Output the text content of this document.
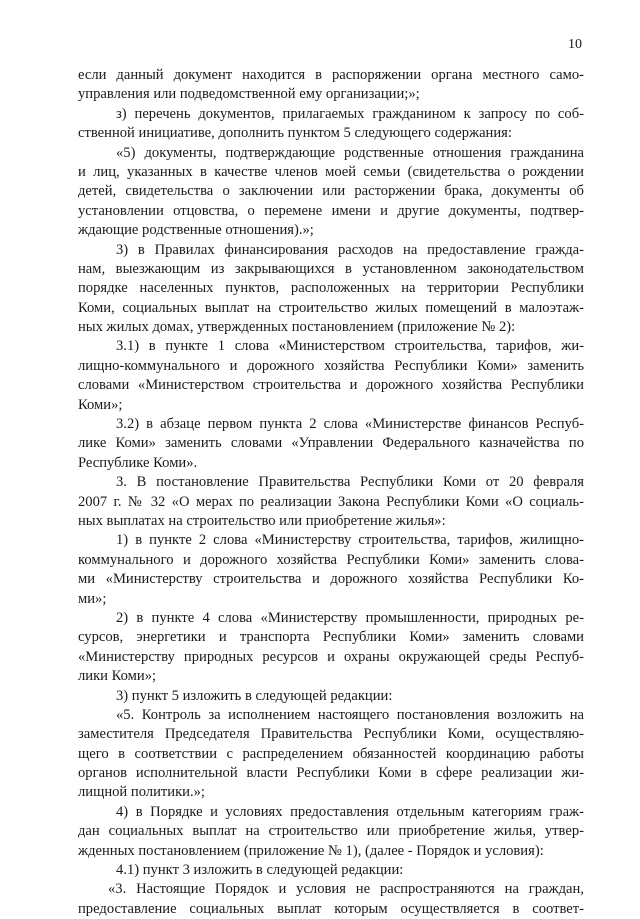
10
если данный документ находится в распоряжении органа местного само-
управления или подведомственной ему организации;»;
з) перечень документов, прилагаемых гражданином к запросу по соб-
ственной инициативе, дополнить пунктом 5 следующего содержания:
«5) документы, подтверждающие родственные отношения гражданина
и лиц, указанных в качестве членов моей семьи (свидетельства о рождении
детей, свидетельства о заключении или расторжении брака, документы об
установлении отцовства, о перемене имени и другие документы, подтвер-
ждающие родственные отношения).»;
3) в Правилах финансирования расходов на предоставление гражда-
нам, выезжающим из закрывающихся в установленном законодательством
порядке населенных пунктов, расположенных на территории Республики
Коми, социальных выплат на строительство жилых помещений в малоэтаж-
ных жилых домах, утвержденных постановлением (приложение № 2):
3.1) в пункте 1 слова «Министерством строительства, тарифов, жи-
лищно-коммунального и дорожного хозяйства Республики Коми» заменить
словами «Министерством строительства и дорожного хозяйства Республики
Коми»;
3.2) в абзаце первом пункта 2 слова «Министерстве финансов Респуб-
лике Коми» заменить словами «Управлении Федерального казначейства по
Республике Коми».
3. В постановление Правительства Республики Коми от 20 февраля
2007 г. № 32 «О мерах по реализации Закона Республики Коми «О социаль-
ных выплатах на строительство или приобретение жилья»:
1) в пункте 2 слова «Министерству строительства, тарифов, жилищно-
коммунального и дорожного хозяйства Республики Коми» заменить слова-
ми «Министерству строительства и дорожного хозяйства Республики Ко-
ми»;
2) в пункте 4 слова «Министерству промышленности, природных ре-
сурсов, энергетики и транспорта Республики Коми» заменить словами
«Министерству природных ресурсов и охраны окружающей среды Респуб-
лики Коми»;
3) пункт 5 изложить в следующей редакции:
«5. Контроль за исполнением настоящего постановления возложить на
заместителя Председателя Правительства Республики Коми, осуществляю-
щего в соответствии с распределением обязанностей координацию работы
органов исполнительной власти Республики Коми в сфере реализации жи-
лищной политики.»;
4) в Порядке и условиях предоставления отдельным категориям граж-
дан социальных выплат на строительство или приобретение жилья, утвер-
жденных постановлением (приложение № 1), (далее - Порядок и условия):
4.1) пункт 3 изложить в следующей редакции:
«3. Настоящие Порядок и условия не распространяются на граждан,
предоставление социальных выплат которым осуществляется в соответ-
